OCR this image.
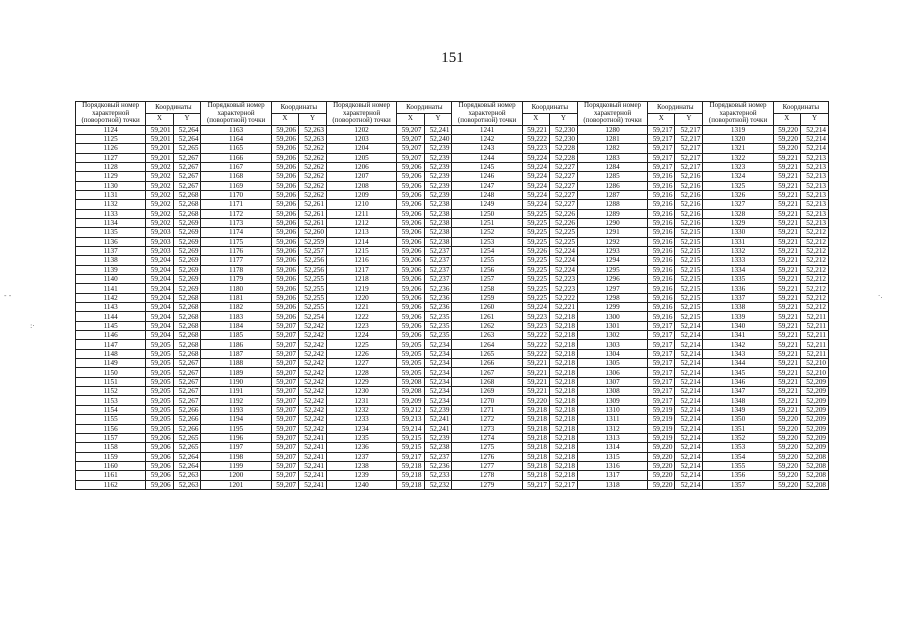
151
Порядковый номер характерной (поворотной) точки	Координаты		Порядковый номер характерной (поворотной) точки	Координаты		Порядковый номер характерной (поворотной) точки	Координаты		Порядковый номер характерной (поворотной) точки	Координаты		Порядковый номер характерной (поворотной) точки	Координаты		Порядковый номер характерной (поворотной) точки	Координаты	
	X	Y		X	Y		X	Y		X	Y		X	Y		X	Y
1124	59,201	52,264	1163	59,206	52,263	1202	59,207	52,241	1241	59,221	52,230	1280	59,217	52,217	1319	59,220	52,214
1125	59,201	52,264	1164	59,206	52,263	1203	59,207	52,240	1242	59,222	52,230	1281	59,217	52,217	1320	59,220	52,214
1126	59,201	52,265	1165	59,206	52,262	1204	59,207	52,239	1243	59,223	52,228	1282	59,217	52,217	1321	59,220	52,214
1127	59,201	52,267	1166	59,206	52,262	1205	59,207	52,239	1244	59,224	52,228	1283	59,217	52,217	1322	59,221	52,213
1128	59,202	52,267	1167	59,206	52,262	1206	59,206	52,239	1245	59,224	52,227	1284	59,217	52,217	1323	59,221	52,213
1129	59,202	52,267	1168	59,206	52,262	1207	59,206	52,239	1246	59,224	52,227	1285	59,216	52,216	1324	59,221	52,213
1130	59,202	52,267	1169	59,206	52,262	1208	59,206	52,239	1247	59,224	52,227	1286	59,216	52,216	1325	59,221	52,213
1131	59,202	52,268	1170	59,206	52,262	1209	59,206	52,239	1248	59,224	52,227	1287	59,216	52,216	1326	59,221	52,213
1132	59,202	52,268	1171	59,206	52,261	1210	59,206	52,238	1249	59,224	52,227	1288	59,216	52,216	1327	59,221	52,213
1133	59,202	52,268	1172	59,206	52,261	1211	59,206	52,238	1250	59,225	52,226	1289	59,216	52,216	1328	59,221	52,213
1134	59,202	52,269	1173	59,206	52,261	1212	59,206	52,238	1251	59,225	52,226	1290	59,216	52,216	1329	59,221	52,213
1135	59,203	52,269	1174	59,206	52,260	1213	59,206	52,238	1252	59,225	52,225	1291	59,216	52,215	1330	59,221	52,212
1136	59,203	52,269	1175	59,206	52,259	1214	59,206	52,238	1253	59,225	52,225	1292	59,216	52,215	1331	59,221	52,212
1137	59,203	52,269	1176	59,206	52,257	1215	59,206	52,237	1254	59,226	52,224	1293	59,216	52,215	1332	59,221	52,212
1138	59,204	52,269	1177	59,206	52,256	1216	59,206	52,237	1255	59,225	52,224	1294	59,216	52,215	1333	59,221	52,212
1139	59,204	52,269	1178	59,206	52,256	1217	59,206	52,237	1256	59,225	52,224	1295	59,216	52,215	1334	59,221	52,212
1140	59,204	52,269	1179	59,206	52,255	1218	59,206	52,237	1257	59,225	52,223	1296	59,216	52,215	1335	59,221	52,212
1141	59,204	52,269	1180	59,206	52,255	1219	59,206	52,236	1258	59,225	52,223	1297	59,216	52,215	1336	59,221	52,212
1142	59,204	52,268	1181	59,206	52,255	1220	59,206	52,236	1259	59,225	52,222	1298	59,216	52,215	1337	59,221	52,212
1143	59,204	52,268	1182	59,206	52,255	1221	59,206	52,236	1260	59,224	52,221	1299	59,216	52,215	1338	59,221	52,212
1144	59,204	52,268	1183	59,206	52,254	1222	59,206	52,235	1261	59,223	52,218	1300	59,216	52,215	1339	59,221	52,211
1145	59,204	52,268	1184	59,207	52,242	1223	59,206	52,235	1262	59,223	52,218	1301	59,217	52,214	1340	59,221	52,211
1146	59,204	52,268	1185	59,207	52,242	1224	59,206	52,235	1263	59,222	52,218	1302	59,217	52,214	1341	59,221	52,211
1147	59,205	52,268	1186	59,207	52,242	1225	59,205	52,234	1264	59,222	52,218	1303	59,217	52,214	1342	59,221	52,211
1148	59,205	52,268	1187	59,207	52,242	1226	59,205	52,234	1265	59,222	52,218	1304	59,217	52,214	1343	59,221	52,211
1149	59,205	52,267	1188	59,207	52,242	1227	59,205	52,234	1266	59,221	52,218	1305	59,217	52,214	1344	59,221	52,210
1150	59,205	52,267	1189	59,207	52,242	1228	59,205	52,234	1267	59,221	52,218	1306	59,217	52,214	1345	59,221	52,210
1151	59,205	52,267	1190	59,207	52,242	1229	59,208	52,234	1268	59,221	52,218	1307	59,217	52,214	1346	59,221	52,209
1152	59,205	52,267	1191	59,207	52,242	1230	59,208	52,234	1269	59,221	52,218	1308	59,217	52,214	1347	59,221	52,209
1153	59,205	52,267	1192	59,207	52,242	1231	59,209	52,234	1270	59,220	52,218	1309	59,217	52,214	1348	59,221	52,209
1154	59,205	52,266	1193	59,207	52,242	1232	59,212	52,239	1271	59,218	52,218	1310	59,219	52,214	1349	59,221	52,209
1155	59,205	52,266	1194	59,207	52,242	1233	59,213	52,241	1272	59,218	52,218	1311	59,219	52,214	1350	59,220	52,209
1156	59,205	52,266	1195	59,207	52,242	1234	59,214	52,241	1273	59,218	52,218	1312	59,219	52,214	1351	59,220	52,209
1157	59,206	52,265	1196	59,207	52,241	1235	59,215	52,239	1274	59,218	52,218	1313	59,219	52,214	1352	59,220	52,209
1158	59,206	52,265	1197	59,207	52,241	1236	59,215	52,238	1275	59,218	52,218	1314	59,220	52,214	1353	59,220	52,209
1159	59,206	52,264	1198	59,207	52,241	1237	59,217	52,237	1276	59,218	52,218	1315	59,220	52,214	1354	59,220	52,208
1160	59,206	52,264	1199	59,207	52,241	1238	59,218	52,236	1277	59,218	52,218	1316	59,220	52,214	1355	59,220	52,208
1161	59,206	52,263	1200	59,207	52,241	1239	59,218	52,233	1278	59,218	52,218	1317	59,220	52,214	1356	59,220	52,208
1162	59,206	52,263	1201	59,207	52,241	1240	59,218	52,232	1279	59,217	52,217	1318	59,220	52,214	1357	59,220	52,208
- -
:·
·.
